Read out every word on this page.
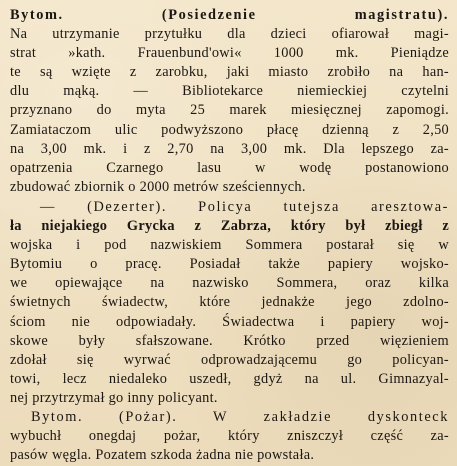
Bytom. (Posiedzenie magistratu).
Na utrzymanie przytułku dla dzieci ofiarował magi-
strat »kath. Frauenbund'owi« 1000 mk. Pieniądze
te są wzięte z zarobku, jaki miasto zrobiło na han-
dlu mąką. — Bibliotekarce niemieckiej czytelni
przyznano do myta 25 marek miesięcznej zapomogi.
Zamiataczom ulic podwyższono płacę dzienną z 2,50
na 3,00 mk. i z 2,70 na 3,00 mk. Dla lepszego za-
opatrzenia Czarnego lasu w wodę postanowiono
zbudować zbiornik o 2000 metrów sześciennych.
— (Dezerter). Policya tutejsza aresztowa-
ła niejakiego Grycka z Zabrza, który był zbiegł z
wojska i pod nazwiskiem Sommera postarał się w
Bytomiu o pracę. Posiadał także papiery wojsko-
we opiewające na nazwisko Sommera, oraz kilka
świetnych świadectw, które jednakże jego zdolno-
ściom nie odpowiadały. Świadectwa i papiery woj-
skowe były sfałszowane. Krótko przed więzieniem
zdołał się wyrwać odprowadzającemu go policyan-
towi, lecz niedaleko uszedł, gdyż na ul. Gimnazyal-
nej przytrzymał go inny policyant.
Bytom. (Pożar). W zakładzie dyskonteck
wybuchł onegdaj pożar, który zniszczył część za-
pasów węgla. Pozatem szkoda żadna nie powstała.
